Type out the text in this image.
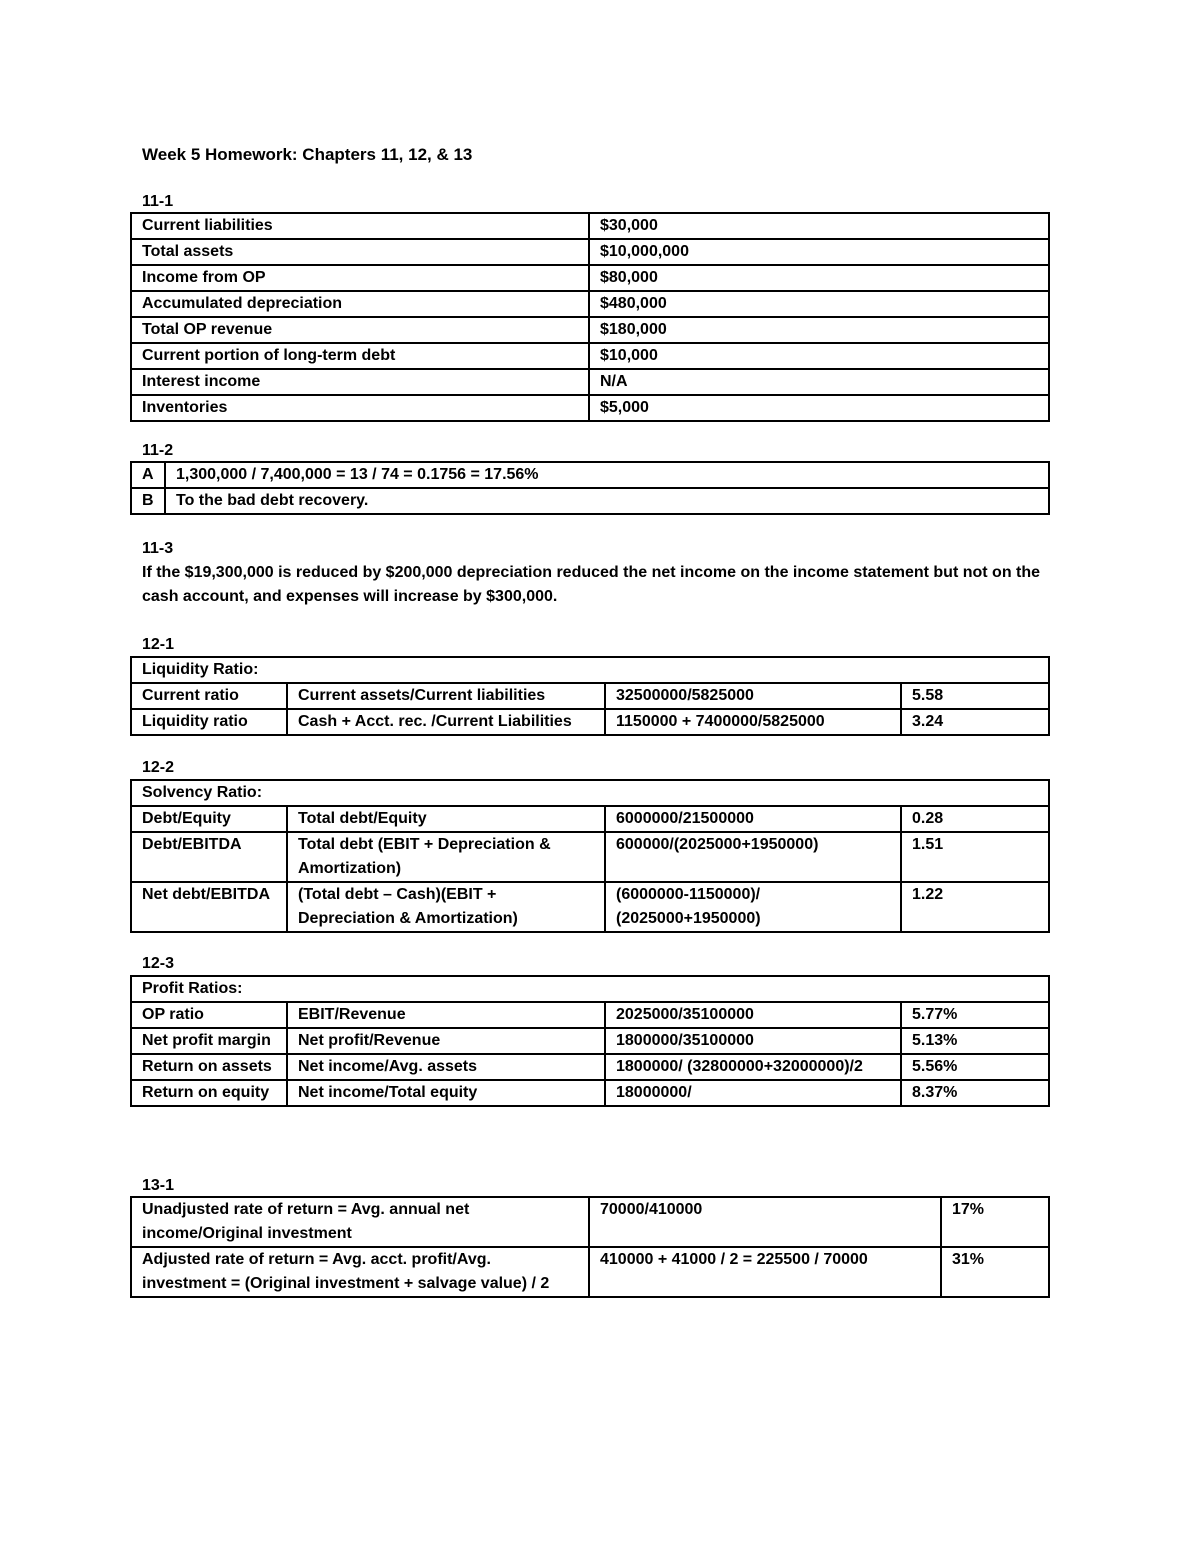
Week 5 Homework: Chapters 11, 12, & 13
11-1
Current liabilities	$30,000
Total assets	$10,000,000
Income from OP	$80,000
Accumulated depreciation	$480,000
Total OP revenue	$180,000
Current portion of long-term debt	$10,000
Interest income	N/A
Inventories	$5,000
11-2
A	1,300,000 / 7,400,000 = 13 / 74 = 0.1756 = 17.56%
B	To the bad debt recovery.
11-3
If the $19,300,000 is reduced by $200,000 depreciation reduced the net income on the income statement but not on the cash account, and expenses will increase by $300,000.
12-1
Liquidity Ratio:			
Current ratio	Current assets/Current liabilities	32500000/5825000	5.58
Liquidity ratio	Cash + Acct. rec. /Current Liabilities	1150000 + 7400000/5825000	3.24
12-2
Solvency Ratio:			
Debt/Equity	Total debt/Equity	6000000/21500000	0.28
Debt/EBITDA	Total debt (EBIT + Depreciation & Amortization)	600000/(2025000+1950000)	1.51
Net debt/EBITDA	(Total debt – Cash)(EBIT + Depreciation & Amortization)	(6000000-1150000)/ (2025000+1950000)	1.22
12-3
Profit Ratios:			
OP ratio	EBIT/Revenue	2025000/35100000	5.77%
Net profit margin	Net profit/Revenue	1800000/35100000	5.13%
Return on assets	Net income/Avg. assets	1800000/ (32800000+32000000)/2	5.56%
Return on equity	Net income/Total equity	18000000/	8.37%
13-1
Unadjusted rate of return = Avg. annual net income/Original investment	70000/410000	17%
Adjusted rate of return = Avg. acct. profit/Avg. investment = (Original investment + salvage value) / 2	410000 + 41000 / 2 = 225500 / 70000	31%
